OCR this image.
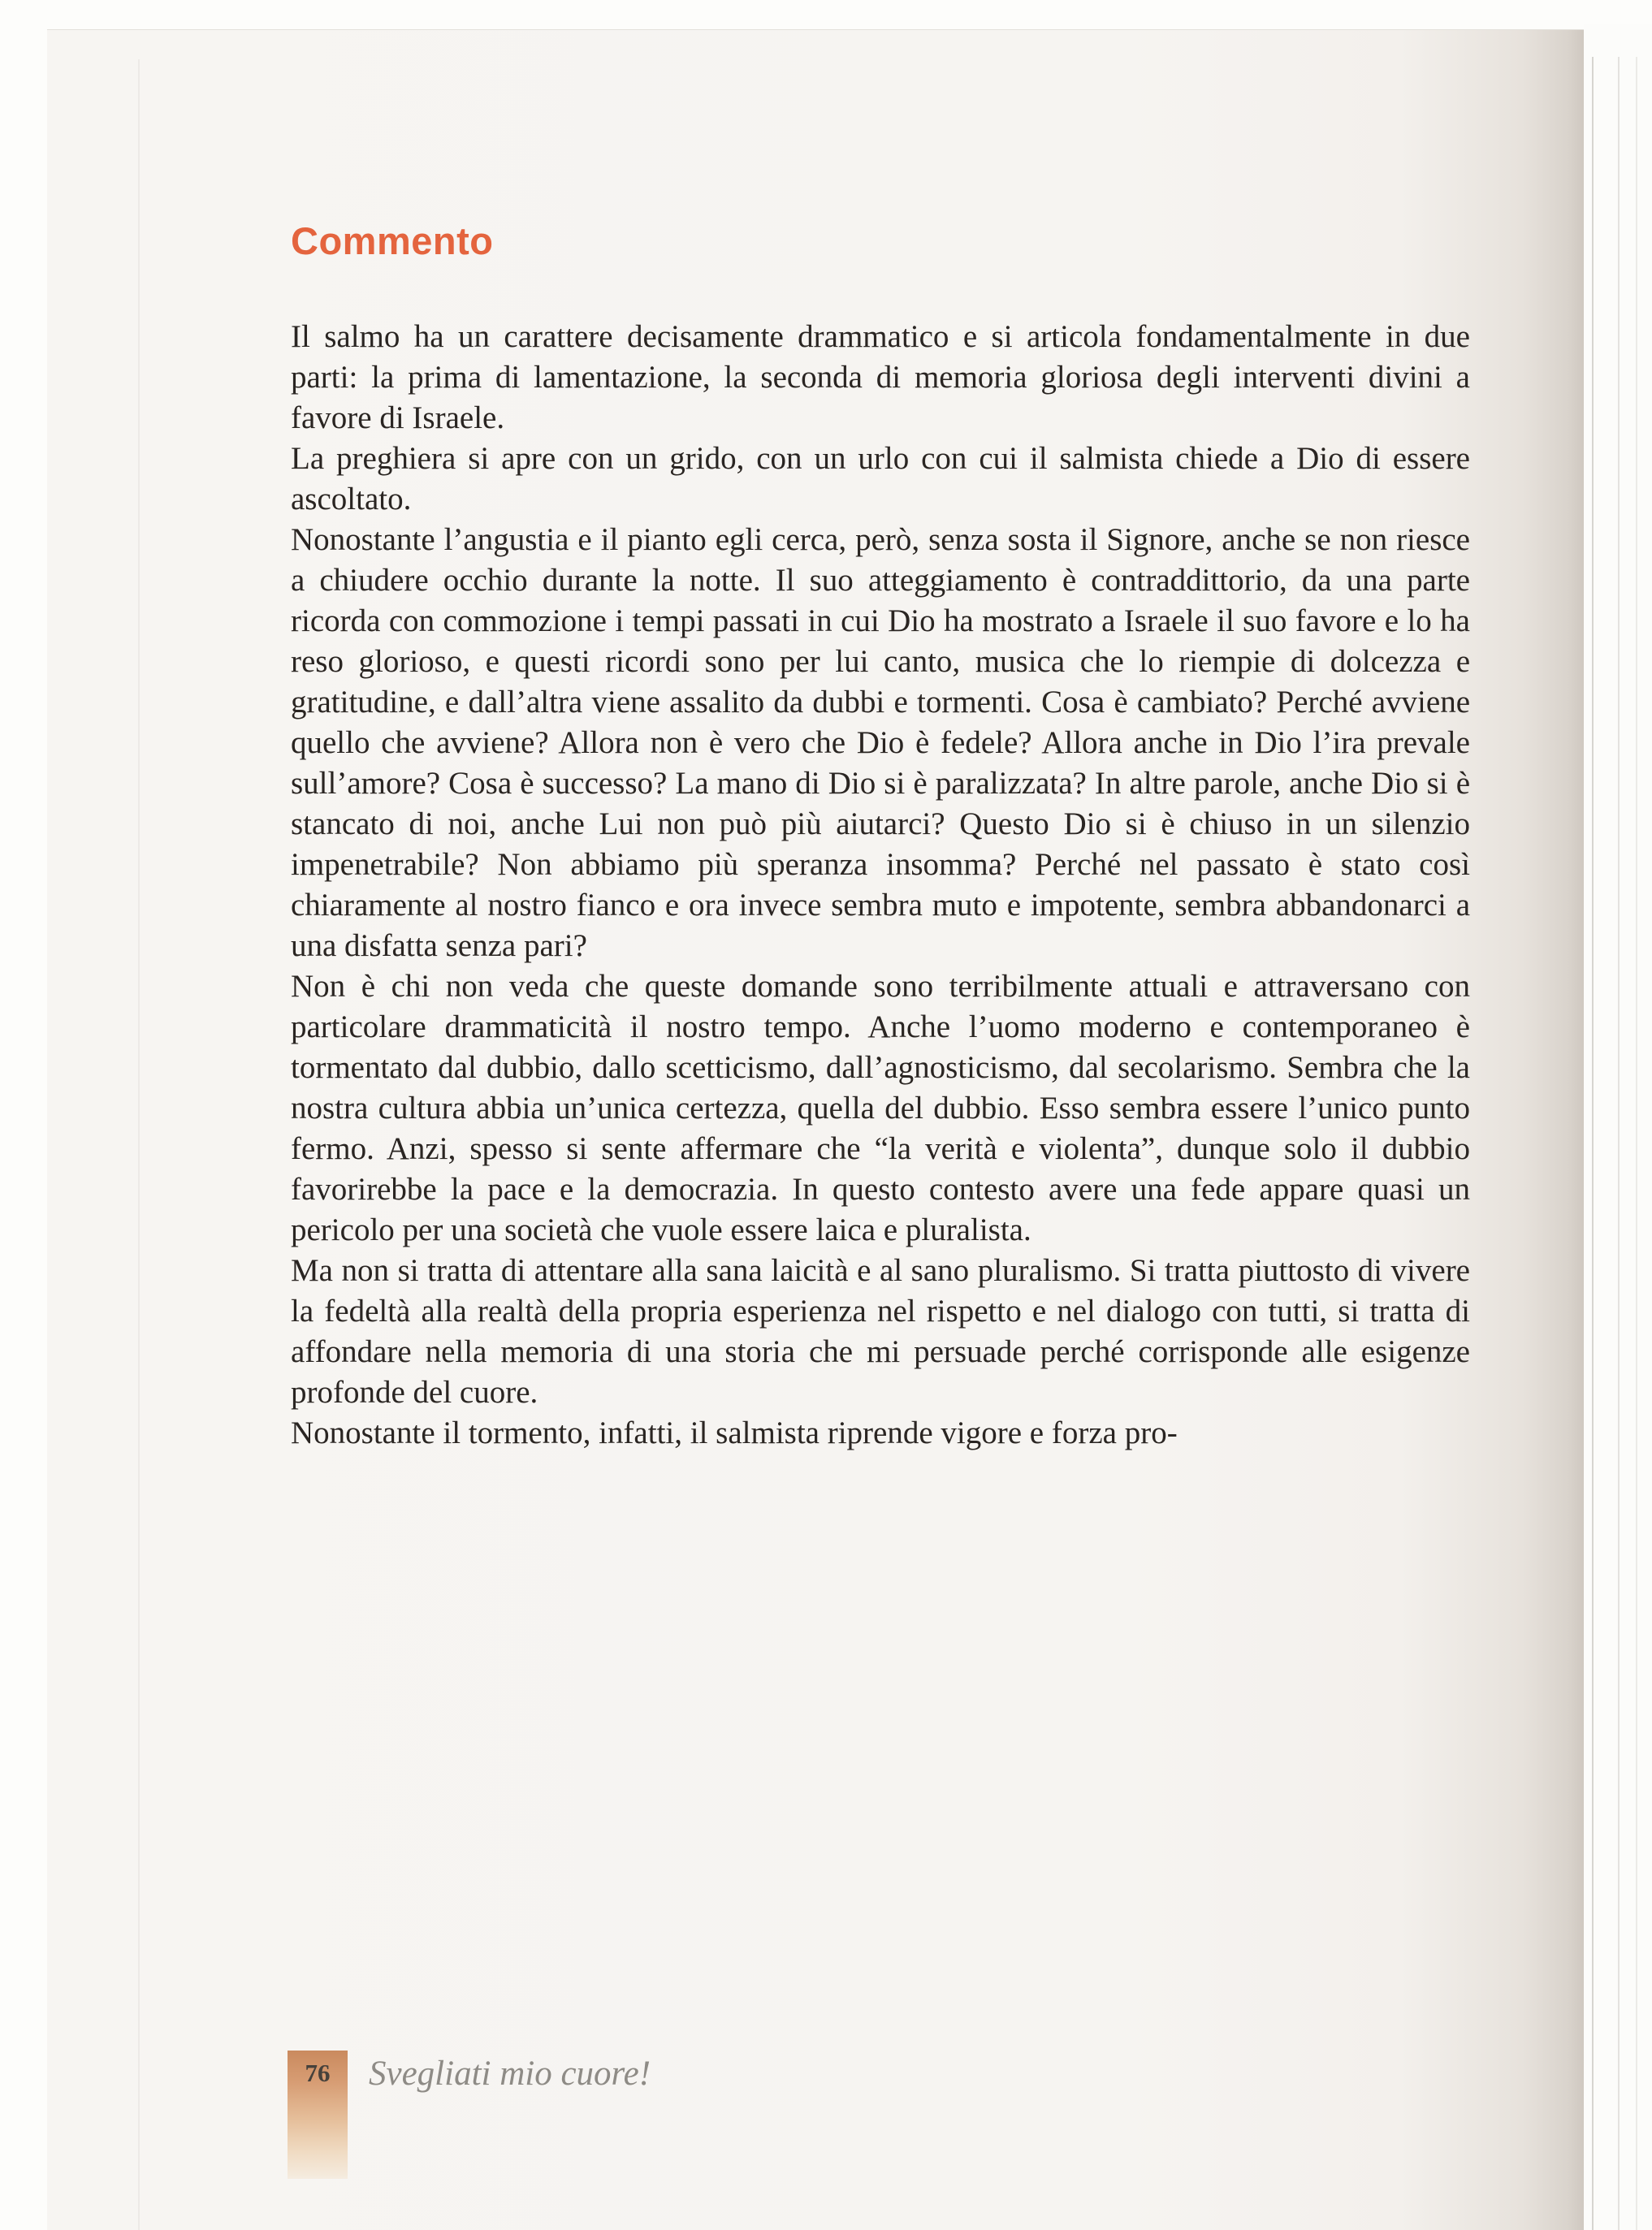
Commento

Il salmo ha un carattere decisamente drammatico e si articola fondamentalmente in due parti: la prima di lamentazione, la seconda di memoria gloriosa degli interventi divini a favore di Israele.

La preghiera si apre con un grido, con un urlo con cui il salmista chiede a Dio di essere ascoltato.

Nonostante l’angustia e il pianto egli cerca, però, senza sosta il Signore, anche se non riesce a chiudere occhio durante la notte. Il suo atteggiamento è contraddittorio, da una parte ricorda con commozione i tempi passati in cui Dio ha mostrato a Israele il suo favore e lo ha reso glorioso, e questi ricordi sono per lui canto, musica che lo riempie di dolcezza e gratitudine, e dall’altra viene assalito da dubbi e tormenti. Cosa è cambiato? Perché avviene quello che avviene? Allora non è vero che Dio è fedele? Allora anche in Dio l’ira prevale sull’amore? Cosa è successo? La mano di Dio si è paralizzata? In altre parole, anche Dio si è stancato di noi, anche Lui non può più aiutarci? Questo Dio si è chiuso in un silenzio impenetrabile? Non abbiamo più speranza insomma? Perché nel passato è stato così chiaramente al nostro fianco e ora invece sembra muto e impotente, sembra abbandonarci a una disfatta senza pari?

Non è chi non veda che queste domande sono terribilmente attuali e attraversano con particolare drammaticità il nostro tempo. Anche l’uomo moderno e contemporaneo è tormentato dal dubbio, dallo scetticismo, dall’agnosticismo, dal secolarismo. Sembra che la nostra cultura abbia un’unica certezza, quella del dubbio. Esso sembra essere l’unico punto fermo. Anzi, spesso si sente affermare che “la verità e violenta”, dunque solo il dubbio favorirebbe la pace e la democrazia. In questo contesto avere una fede appare quasi un pericolo per una società che vuole essere laica e pluralista.

Ma non si tratta di attentare alla sana laicità e al sano pluralismo. Si tratta piuttosto di vivere la fedeltà alla realtà della propria esperienza nel rispetto e nel dialogo con tutti, si tratta di affondare nella memoria di una storia che mi persuade perché corrisponde alle esigenze profonde del cuore.

Nonostante il tormento, infatti, il salmista riprende vigore e forza pro-

76 Svegliati mio cuore!
